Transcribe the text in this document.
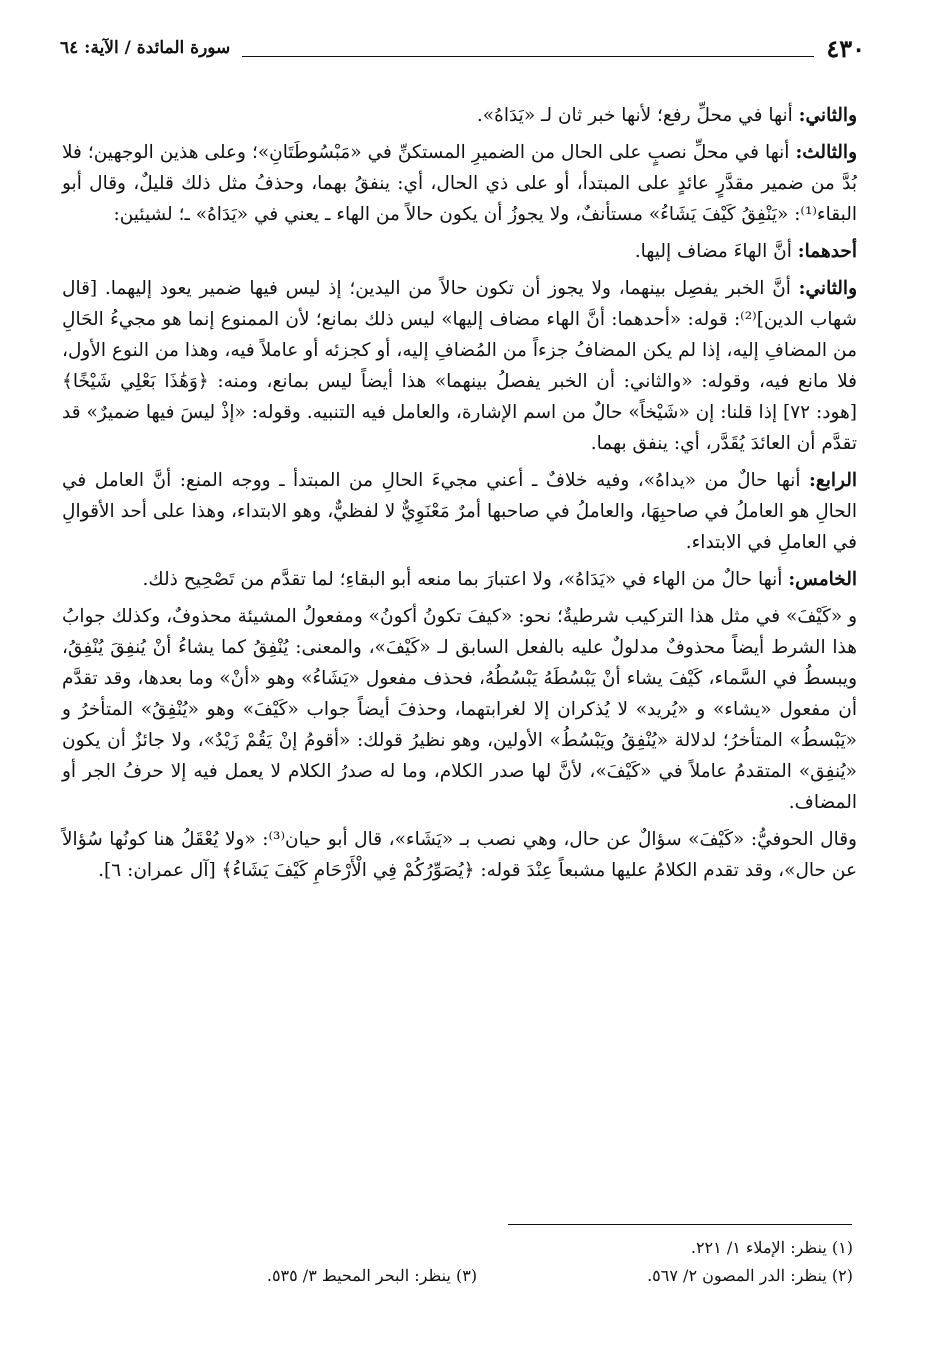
٤٣٠
سورة المائدة / الآية: ٦٤

والثاني: أنها في محلِّ رفع؛ لأنها خبر ثان لـ «يَدَاهُ».

والثالث: أنها في محلِّ نصبٍ على الحال من الضميرِ المستكنِّ في «مَبْسُوطَتَانِ»؛ وعلى هذين الوجهين؛ فلا بُدَّ من ضمير مقدَّرٍ عائدٍ على المبتدأ، أو على ذي الحال، أي: ينفقُ بهما، وحذفُ مثل ذلك قليلٌ، وقال أبو البقاء⁽¹⁾: «يَنْفِقُ كَيْفَ يَشَاءُ» مستأنفٌ، ولا يجوزُ أن يكون حالاً من الهاء ـ يعني في «يَدَاهُ» ـ؛ لشيئين:

أحدهما: أنَّ الهاءَ مضاف إليها.

والثاني: أنَّ الخبر يفصِل بينهما، ولا يجوز أن تكون حالاً من اليدين؛ إذ ليس فيها ضمير يعود إليهما. [قال شهاب الدين]⁽²⁾: قوله: «أحدهما: أنَّ الهاء مضاف إليها» ليس ذلك بمانع؛ لأن الممنوع إنما هو مجيءُ الحَالِ من المضافِ إليه، إذا لم يكن المضافُ جزءاً من المُضافِ إليه، أو كجزئه أو عاملاً فيه، وهذا من النوع الأول، فلا مانع فيه، وقوله: «والثاني: أن الخبر يفصلُ بينهما» هذا أيضاً ليس بمانع، ومنه: ﴿وَهَٰذَا بَعْلِي شَيْخًا﴾ [هود: ٧٢] إذا قلنا: إن «شَيْخاً» حالٌ من اسم الإشارة، والعامل فيه التنبيه. وقوله: «إذْ ليسَ فيها ضميرٌ» قد تقدَّم أن العائدَ يُقَدَّر، أي: ينفق بهما.

الرابع: أنها حالٌ من «يداهُ»، وفيه خلافٌ ـ أعني مجيءَ الحالِ من المبتدأ ـ ووجه المنع: أنَّ العامل في الحالِ هو العاملُ في صاحبِهَا، والعاملُ في صاحبها أمرٌ مَعْنَوِيٌّ لا لفظيٌّ، وهو الابتداء، وهذا على أحد الأقوالِ في العاملِ في الابتداء.

الخامس: أنها حالٌ من الهاء في «يَدَاهُ»، ولا اعتبارَ بما منعه أبو البقاءِ؛ لما تقدَّم من تَصْحِيح ذلك.

و «كَيْفَ» في مثل هذا التركيب شرطيةٌ؛ نحو: «كيفَ تكونُ أكونُ» ومفعولُ المشيئة محذوفٌ، وكذلك جوابُ هذا الشرط أيضاً محذوفٌ مدلولٌ عليه بالفعل السابق لـ «كَيْفَ»، والمعنى: يُنْفِقُ كما يشاءُ أنْ يُنفِقَ يُنْفِقُ، ويبسطُ في السَّماء، كَيْفَ يشاء أنْ يَبْسُطَهُ يَبْسُطُهُ، فحذف مفعول «يَشَاءُ» وهو «أنْ» وما بعدها، وقد تقدَّم أن مفعول «يشاء» و «يُريد» لا يُذكران إلا لغرابتهما، وحذفَ أيضاً جواب «كَيْفَ» وهو «يُنْفِقُ» المتأخرُ و «يَبْسطُ» المتأخرُ؛ لدلالة «يُنْفِقُ ويَبْسُطُ» الأولين، وهو نظيرُ قولك: «أقومُ إنْ يَقُمْ زَيْدٌ»، ولا جائزٌ أن يكون «يُنفِق» المتقدمُ عاملاً في «كَيْفَ»، لأنَّ لها صدر الكلام، وما له صدرُ الكلام لا يعمل فيه إلا حرفُ الجر أو المضاف.

وقال الحوفيُّ: «كَيْفَ» سؤالٌ عن حال، وهي نصب بـ «يَشَاء»، قال أبو حيان⁽³⁾: «ولا يُعْقَلُ هنا كونُها سُؤالاً عن حال»، وقد تقدم الكلامُ عليها مشبعاً عِنْدَ قوله: ﴿يُصَوِّرُكُمْ فِي الْأَرْحَامِ كَيْفَ يَشَاءُ﴾ [آل عمران: ٦].

(١) ينظر: الإملاء ١/ ٢٢١.
(٢) ينظر: الدر المصون ٢/ ٥٦٧.
(٣) ينظر: البحر المحيط ٣/ ٥٣٥.
